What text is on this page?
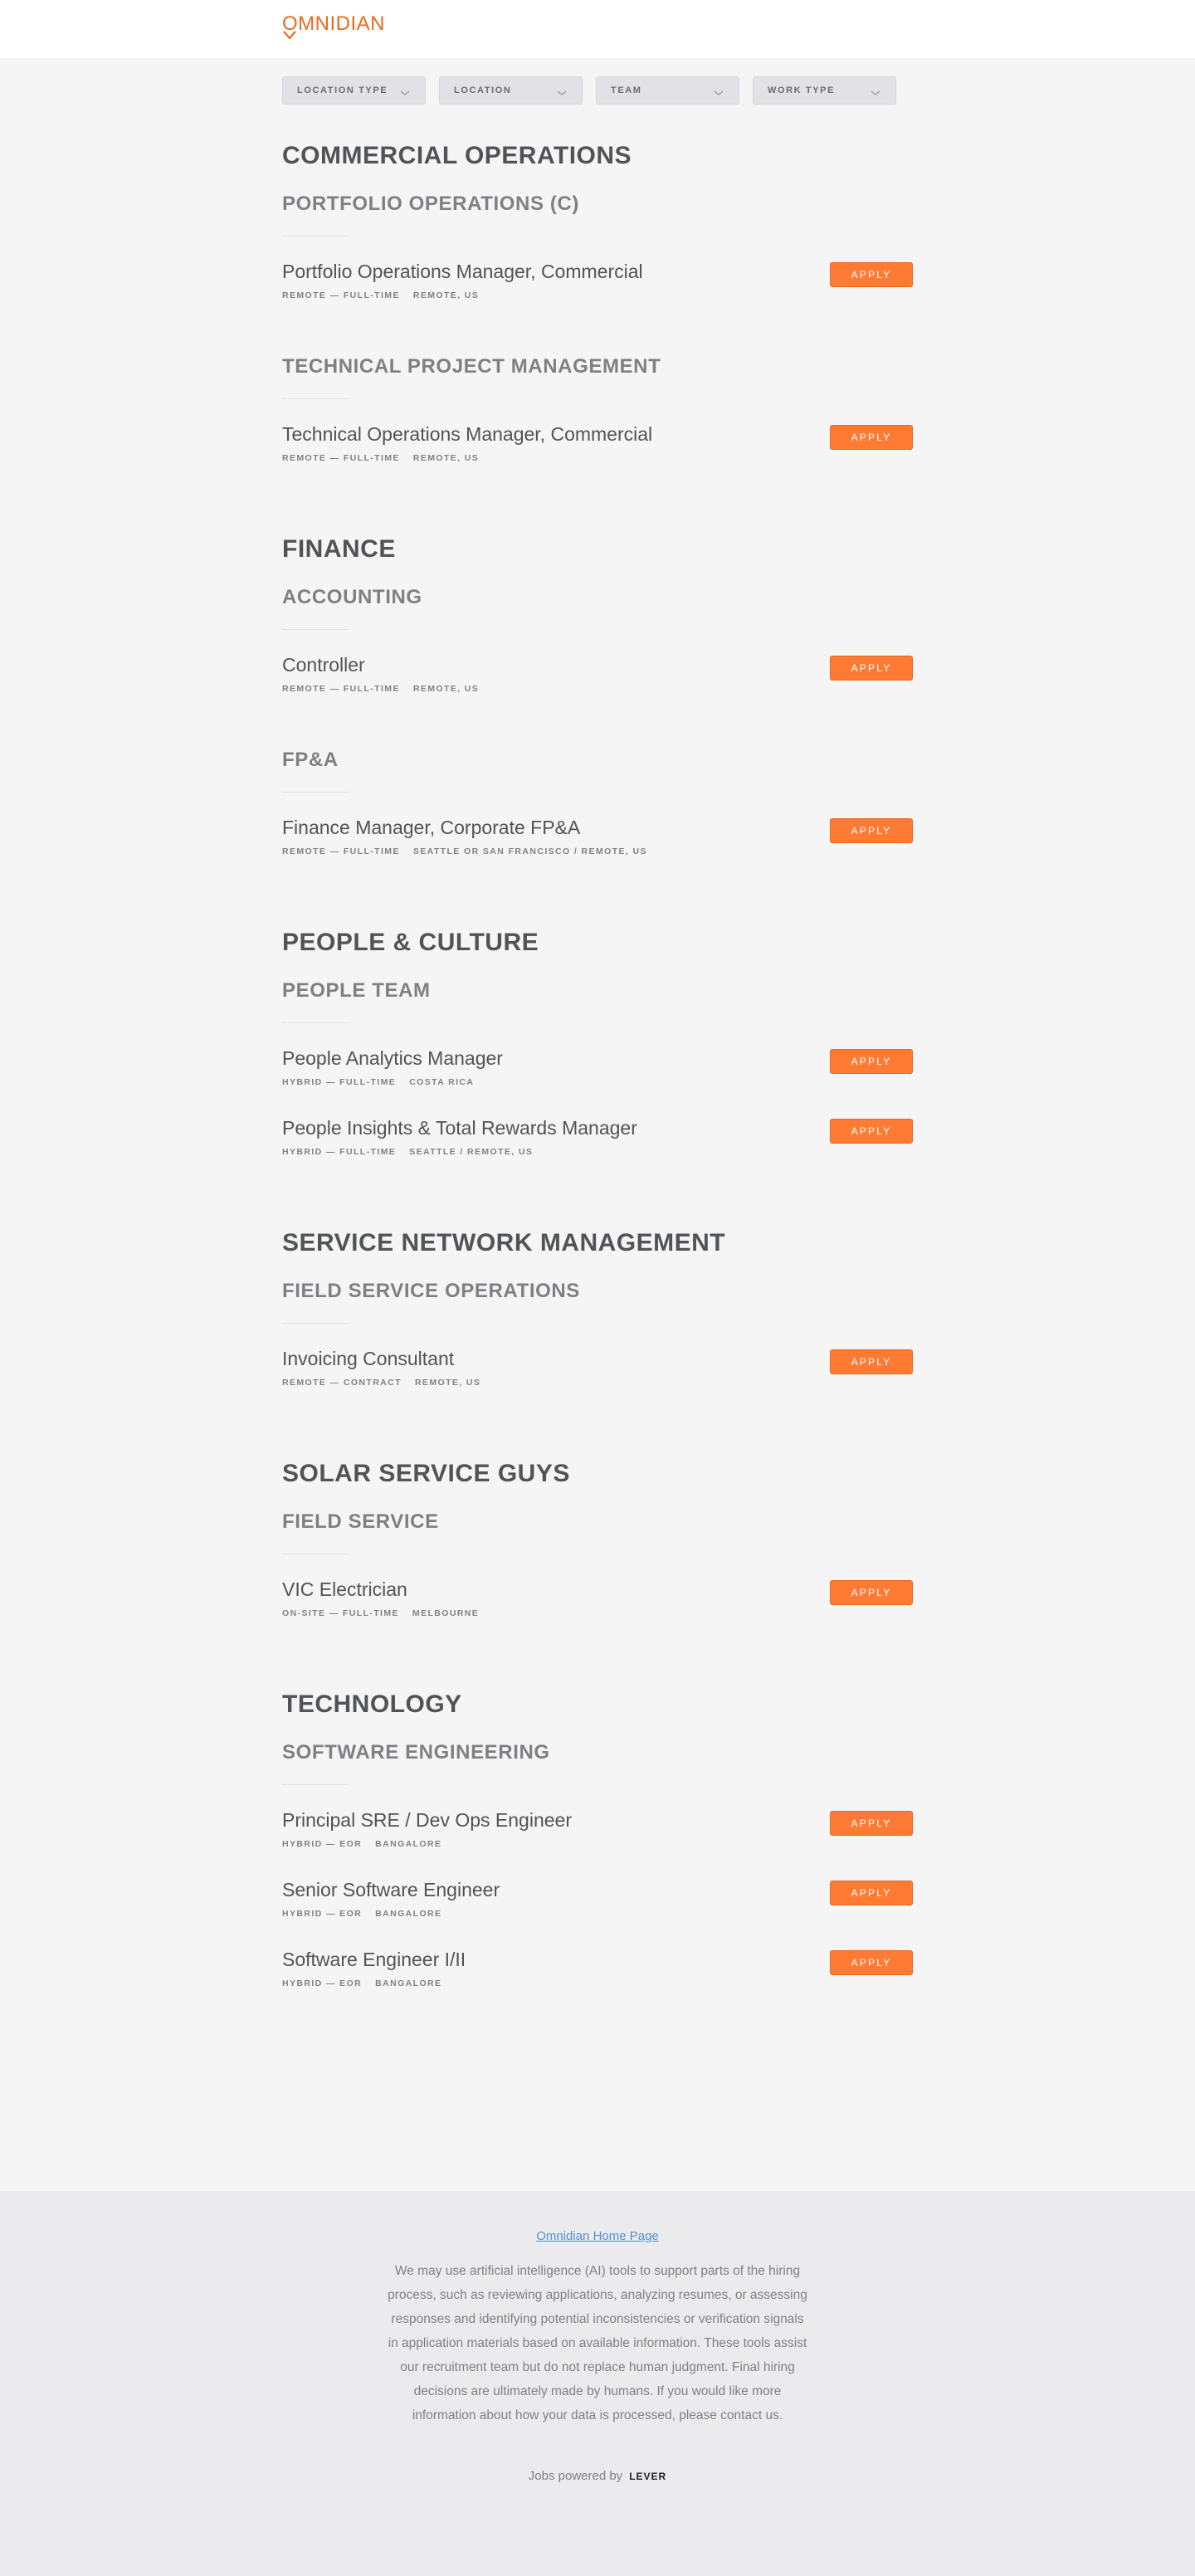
OMNIDIAN
LOCATION TYPE	LOCATION	TEAM	WORK TYPE
COMMERCIAL OPERATIONS
PORTFOLIO OPERATIONS (C)
Portfolio Operations Manager, Commercial
REMOTE — FULL-TIME REMOTE, US
APPLY
TECHNICAL PROJECT MANAGEMENT
Technical Operations Manager, Commercial
REMOTE — FULL-TIME REMOTE, US
APPLY
FINANCE
ACCOUNTING
Controller
REMOTE — FULL-TIME REMOTE, US
APPLY
FP&A
Finance Manager, Corporate FP&A
REMOTE — FULL-TIME SEATTLE OR SAN FRANCISCO / REMOTE, US
APPLY
PEOPLE & CULTURE
PEOPLE TEAM
People Analytics Manager
HYBRID — FULL-TIME COSTA RICA
APPLY
People Insights & Total Rewards Manager
HYBRID — FULL-TIME SEATTLE / REMOTE, US
APPLY
SERVICE NETWORK MANAGEMENT
FIELD SERVICE OPERATIONS
Invoicing Consultant
REMOTE — CONTRACT REMOTE, US
APPLY
SOLAR SERVICE GUYS
FIELD SERVICE
VIC Electrician
ON-SITE — FULL-TIME MELBOURNE
APPLY
TECHNOLOGY
SOFTWARE ENGINEERING
Principal SRE / Dev Ops Engineer
HYBRID — EOR BANGALORE
APPLY
Senior Software Engineer
HYBRID — EOR BANGALORE
APPLY
Software Engineer I/II
HYBRID — EOR BANGALORE
APPLY
Omnidian Home Page

We may use artificial intelligence (AI) tools to support parts of the hiring process, such as reviewing applications, analyzing resumes, or assessing responses and identifying potential inconsistencies or verification signals in application materials based on available information. These tools assist our recruitment team but do not replace human judgment. Final hiring decisions are ultimately made by humans. If you would like more information about how your data is processed, please contact us.

Jobs powered by LEVER
